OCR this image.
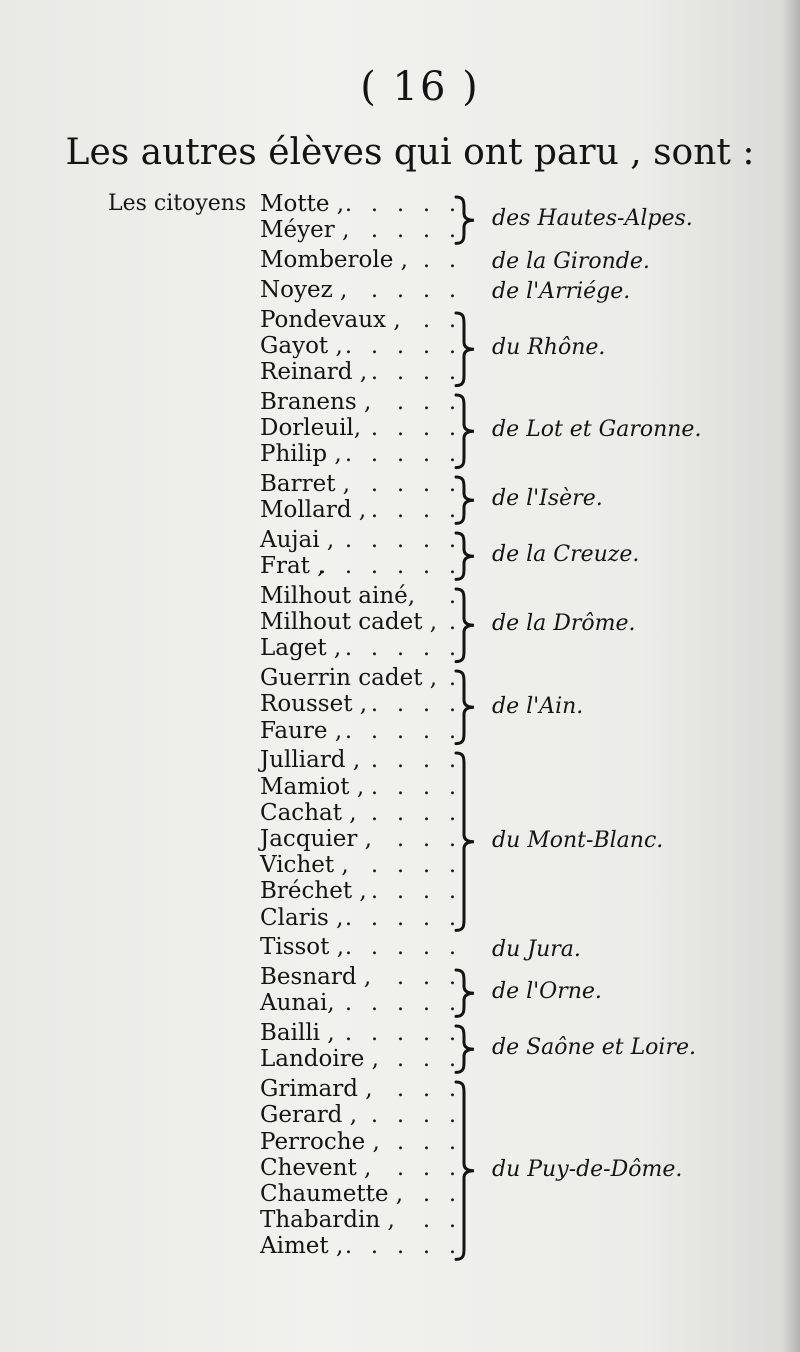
( 16 )
Les autres élèves qui ont paru , sont :
Les citoyens Motte , . . . . .
Méyer , . . . . des Hautes-Alpes.
Momberole , . . de la Gironde.
Noyez , . . . . de l'Arriége.
Pondevaux , . .
Gayot , . . . . .
Reinard , . . . .
du Rhône.
Branens , . . .
Dorleuil, . . . .
Philip , . . . . .
de Lot et Garonne.
Barret , . . . .
Mollard , . . . . de l'Isère.
Aujai , . . . . .
Frat ,
. . . . . . de la Creuze.
Milhout ainé, .
Milhout cadet , .
Laget , . . . . .
de la Drôme.
Guerrin cadet , .
Rousset , . . . .
Faure , . . . . .
de l'Ain.
Julliard , . . . .
Mamiot , . . . .
Cachat , . . . .
Jacquier , . . .
Vichet , . . . .
Bréchet , . . . .
Claris , . . . . .
du Mont-Blanc.
Tissot , . . . . . du Jura.
Besnard , . . .
Aunai, . . . . . de l'Orne.
Bailli , . . . . .
Landoire , . . . de Saône et Loire.
Grimard , . . .
Gerard , . . . .
Perroche , . . .
Chevent , . . .
Chaumette , . .
Thabardin , . .
Aimet , . . . . .
du Puy-de-Dôme.
